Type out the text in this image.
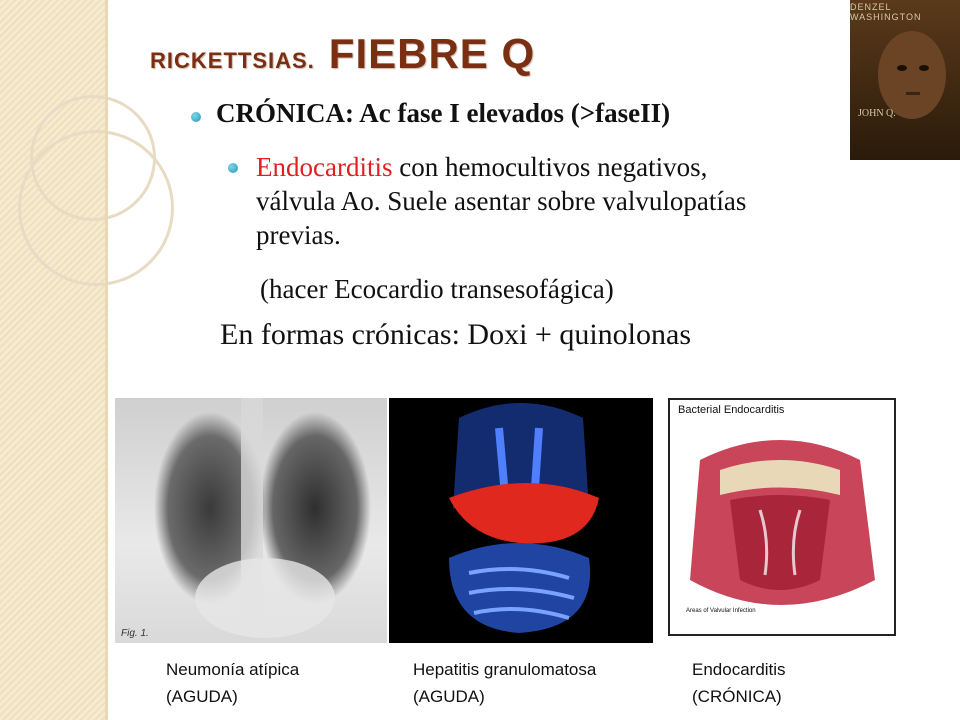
RICKETTSIAS. FIEBRE Q
DENZEL WASHINGTON
JOHN Q.
CRÓNICA: Ac fase I elevados (>faseII)
Endocarditis con hemocultivos negativos,
válvula Ao. Suele asentar sobre valvulopatías
previas.
(hacer Ecocardio transesofágica)
En formas crónicas: Doxi + quinolonas
Fig. 1.
Bacterial Endocarditis
Areas of Valvular Infection
Neumonía atípica
(AGUDA)
Hepatitis granulomatosa
(AGUDA)
Endocarditis
(CRÓNICA)
